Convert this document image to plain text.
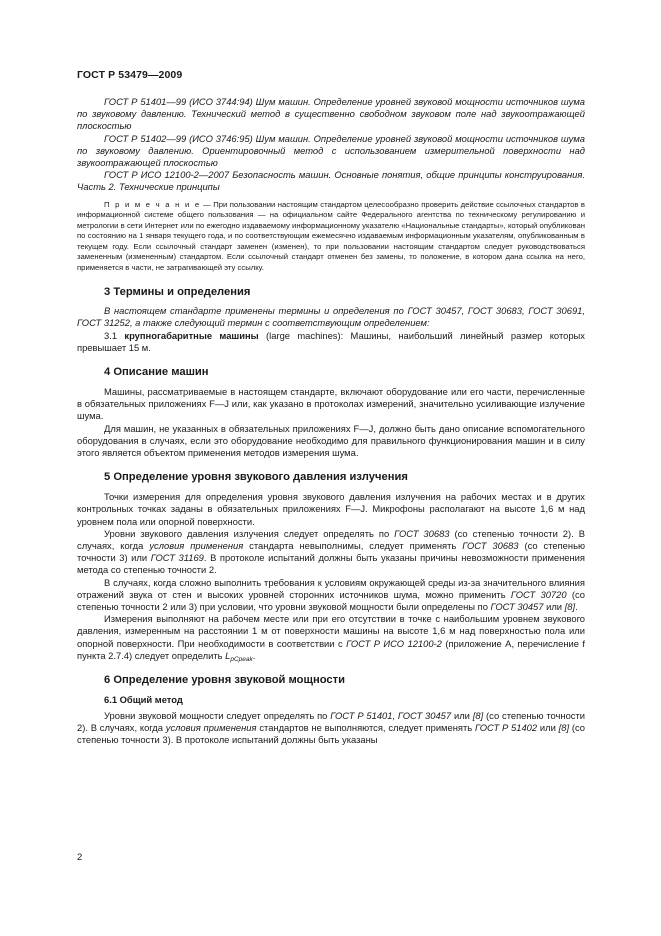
ГОСТ Р 53479—2009

ГОСТ Р 51401—99 (ИСО 3744:94) Шум машин. Определение уровней звуковой мощности источников шума по звуковому давлению. Технический метод в существенно свободном звуковом поле над звукоотражающей плоскостью

ГОСТ Р 51402—99 (ИСО 3746:95) Шум машин. Определение уровней звуковой мощности источников шума по звуковому давлению. Ориентировочный метод с использованием измерительной поверхности над звукоотражающей плоскостью

ГОСТ Р ИСО 12100-2—2007 Безопасность машин. Основные понятия, общие принципы конструирования. Часть 2. Технические принципы

П р и м е ч а н и е — При пользовании настоящим стандартом целесообразно проверить действие ссылочных стандартов в информационной системе общего пользования — на официальном сайте Федерального агентства по техническому регулированию и метрологии в сети Интернет или по ежегодно издаваемому информационному указателю «Национальные стандарты», который опубликован по состоянию на 1 января текущего года, и по соответствующим ежемесячно издаваемым информационным указателям, опубликованным в текущем году. Если ссылочный стандарт заменен (изменен), то при пользовании настоящим стандартом следует руководствоваться замененным (измененным) стандартом. Если ссылочный стандарт отменен без замены, то положение, в котором дана ссылка на него, применяется в части, не затрагивающей эту ссылку.

3 Термины и определения

В настоящем стандарте применены термины и определения по ГОСТ 30457, ГОСТ 30683, ГОСТ 30691, ГОСТ 31252, а также следующий термин с соответствующим определением:

3.1 крупногабаритные машины (large machines): Машины, наибольший линейный размер которых превышает 15 м.

4 Описание машин

Машины, рассматриваемые в настоящем стандарте, включают оборудование или его части, перечисленные в обязательных приложениях F—J или, как указано в протоколах измерений, значительно усиливающие излучение шума.

Для машин, не указанных в обязательных приложениях F—J, должно быть дано описание вспомогательного оборудования в случаях, если это оборудование необходимо для правильного функционирования машин и в силу этого является объектом применения методов измерения шума.

5 Определение уровня звукового давления излучения

Точки измерения для определения уровня звукового давления излучения на рабочих местах и в других контрольных точках заданы в обязательных приложениях F—J. Микрофоны располагают на высоте 1,6 м над уровнем пола или опорной поверхности.

Уровни звукового давления излучения следует определять по ГОСТ 30683 (со степенью точности 2). В случаях, когда условия применения стандарта невыполнимы, следует применять ГОСТ 30683 (со степенью точности 3) или ГОСТ 31169. В протоколе испытаний должны быть указаны причины невозможности применения метода со степенью точности 2.

В случаях, когда сложно выполнить требования к условиям окружающей среды из-за значительного влияния отражений звука от стен и высоких уровней сторонних источников шума, можно применить ГОСТ 30720 (со степенью точности 2 или 3) при условии, что уровни звуковой мощности были определены по ГОСТ 30457 или [8].

Измерения выполняют на рабочем месте или при его отсутствии в точке с наибольшим уровнем звукового давления, измеренным на расстоянии 1 м от поверхности машины на высоте 1,6 м над поверхностью пола или опорной поверхности. При необходимости в соответствии с ГОСТ Р ИСО 12100-2 (приложение А, перечисление f пункта 2.7.4) следует определить $L_{pCpeak}$.

6 Определение уровня звуковой мощности
6.1 Общий метод

Уровни звуковой мощности следует определять по ГОСТ Р 51401, ГОСТ 30457 или [8] (со степенью точности 2). В случаях, когда условия применения стандартов не выполняются, следует применять ГОСТ Р 51402 или [8] (со степенью точности 3). В протоколе испытаний должны быть указаны

2
